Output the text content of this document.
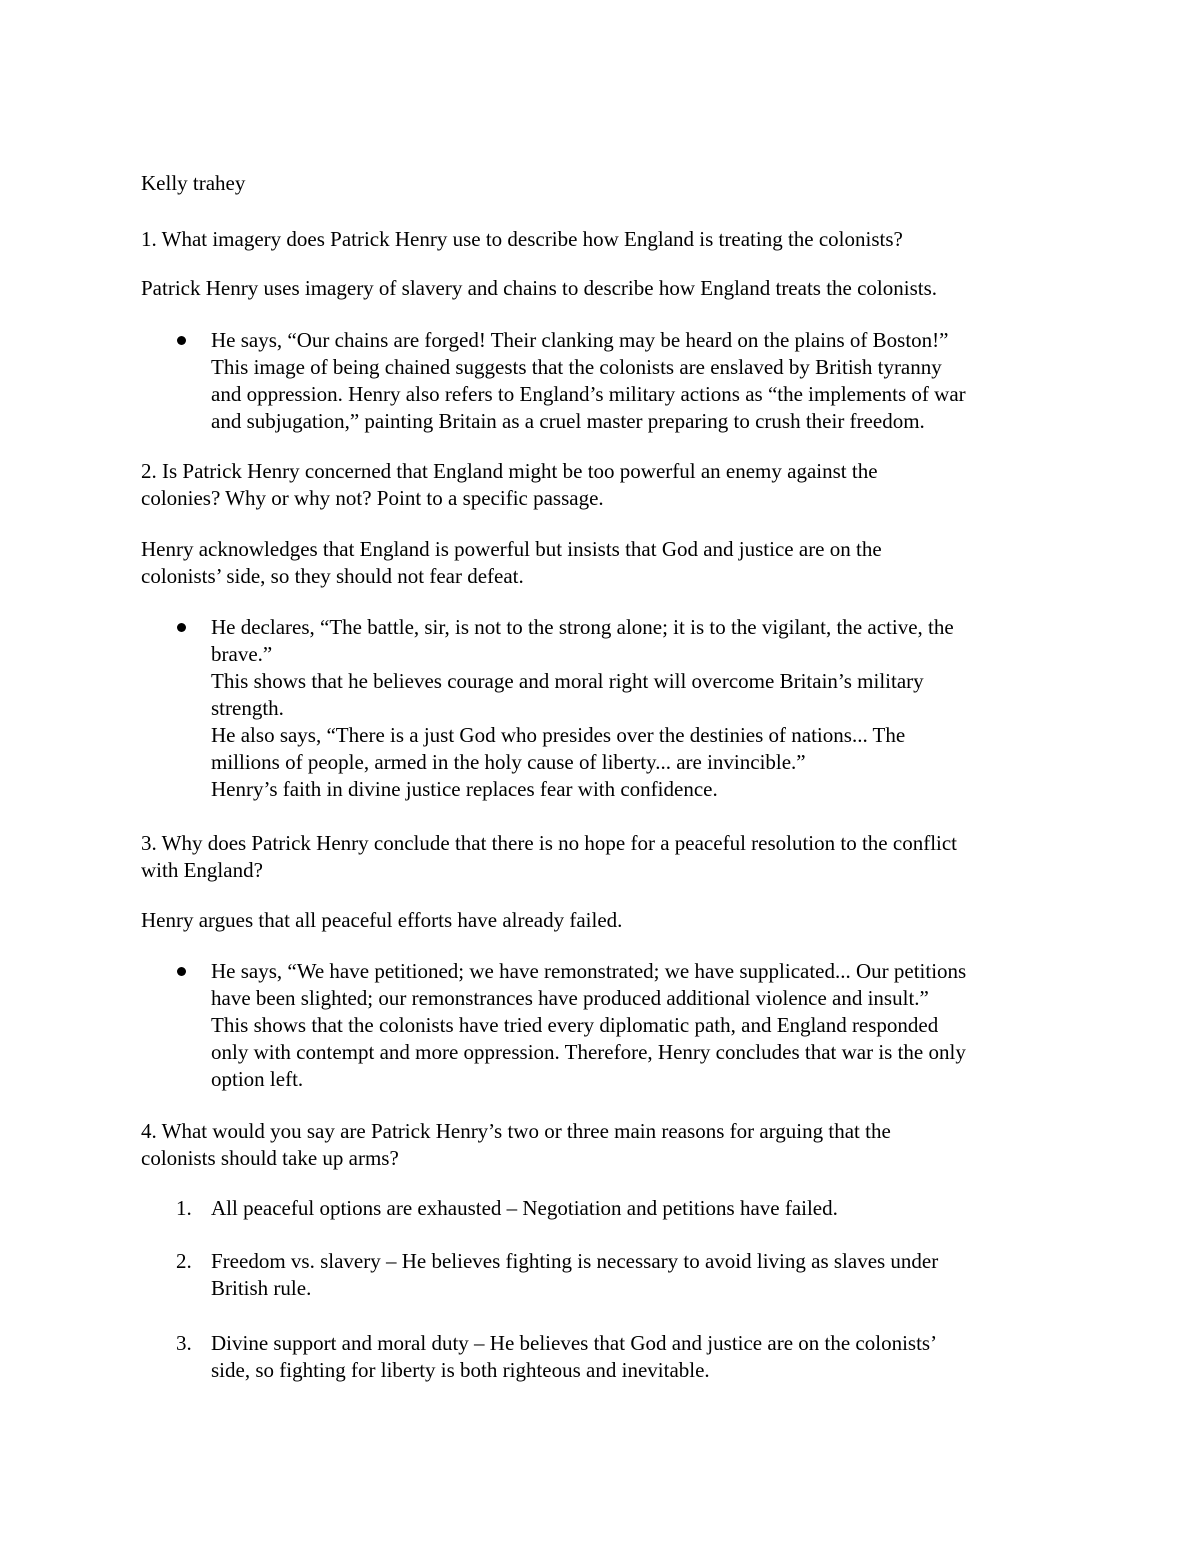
Kelly trahey
1. What imagery does Patrick Henry use to describe how England is treating the colonists?
Patrick Henry uses imagery of slavery and chains to describe how England treats the colonists.
He says, “Our chains are forged! Their clanking may be heard on the plains of Boston!”
This image of being chained suggests that the colonists are enslaved by British tyranny
and oppression. Henry also refers to England’s military actions as “the implements of war
and subjugation,” painting Britain as a cruel master preparing to crush their freedom.
2. Is Patrick Henry concerned that England might be too powerful an enemy against the
colonies? Why or why not? Point to a specific passage.
Henry acknowledges that England is powerful but insists that God and justice are on the
colonists’ side, so they should not fear defeat.
He declares, “The battle, sir, is not to the strong alone; it is to the vigilant, the active, the
brave.”
This shows that he believes courage and moral right will overcome Britain’s military
strength.
He also says, “There is a just God who presides over the destinies of nations... The
millions of people, armed in the holy cause of liberty... are invincible.”
Henry’s faith in divine justice replaces fear with confidence.
3. Why does Patrick Henry conclude that there is no hope for a peaceful resolution to the conflict
with England?
Henry argues that all peaceful efforts have already failed.
He says, “We have petitioned; we have remonstrated; we have supplicated... Our petitions
have been slighted; our remonstrances have produced additional violence and insult.”
This shows that the colonists have tried every diplomatic path, and England responded
only with contempt and more oppression. Therefore, Henry concludes that war is the only
option left.
4. What would you say are Patrick Henry’s two or three main reasons for arguing that the
colonists should take up arms?
1. All peaceful options are exhausted – Negotiation and petitions have failed.
2. Freedom vs. slavery – He believes fighting is necessary to avoid living as slaves under
British rule.
3. Divine support and moral duty – He believes that God and justice are on the colonists’
side, so fighting for liberty is both righteous and inevitable.
